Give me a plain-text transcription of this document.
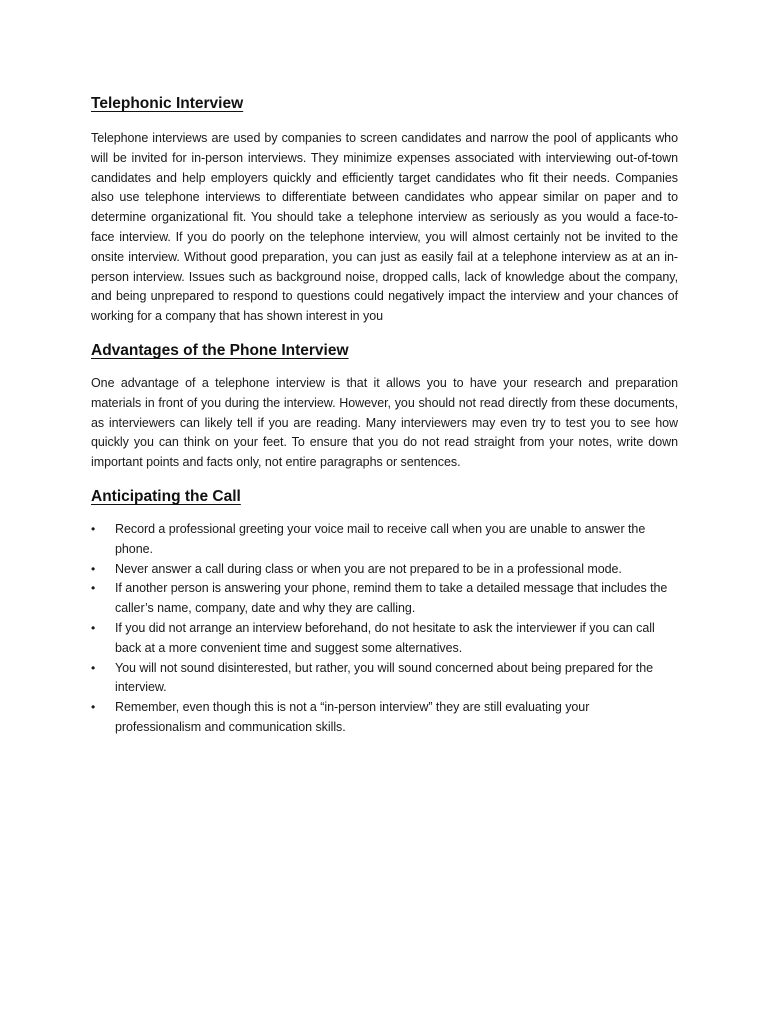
Telephonic Interview

Telephone interviews are used by companies to screen candidates and narrow the pool of applicants who will be invited for in-person interviews. They minimize expenses associated with interviewing out-of-town candidates and help employers quickly and efficiently target candidates who fit their needs. Companies also use telephone interviews to differentiate between candidates who appear similar on paper and to determine organizational fit. You should take a telephone interview as seriously as you would a face-to-face interview. If you do poorly on the telephone interview, you will almost certainly not be invited to the onsite interview. Without good preparation, you can just as easily fail at a telephone interview as at an in-person interview. Issues such as background noise, dropped calls, lack of knowledge about the company, and being unprepared to respond to questions could negatively impact the interview and your chances of working for a company that has shown interest in you

Advantages of the Phone Interview

One advantage of a telephone interview is that it allows you to have your research and preparation materials in front of you during the interview. However, you should not read directly from these documents, as interviewers can likely tell if you are reading. Many interviewers may even try to test you to see how quickly you can think on your feet. To ensure that you do not read straight from your notes, write down important points and facts only, not entire paragraphs or sentences.

Anticipating the Call
•	Record a professional greeting your voice mail to receive call when you are unable to answer the phone.
•	Never answer a call during class or when you are not prepared to be in a professional mode.
•	If another person is answering your phone, remind them to take a detailed message that includes the caller’s name, company, date and why they are calling.
•	If you did not arrange an interview beforehand, do not hesitate to ask the interviewer if you can call back at a more convenient time and suggest some alternatives.
•	You will not sound disinterested, but rather, you will sound concerned about being prepared for the interview.
•	Remember, even though this is not a “in-person interview” they are still evaluating your professionalism and communication skills.
